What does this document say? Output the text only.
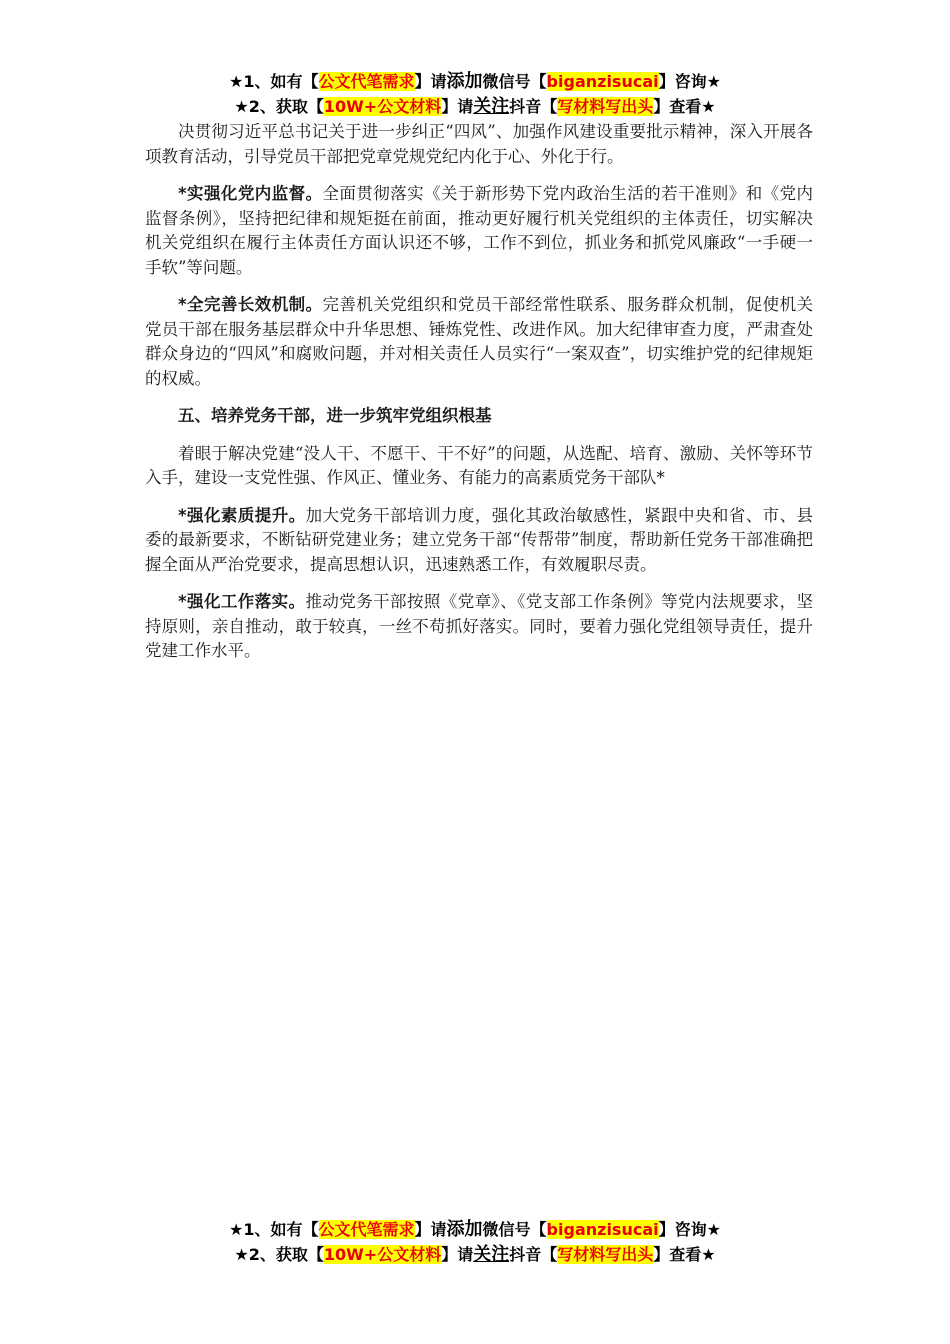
★1、如有【公文代笔需求】请添加微信号【biganzisucai】咨询★
★2、获取【10W+公文材料】请关注抖音【写材料写出头】查看★

决贯彻习近平总书记关于进一步纠正“四风”、加强作风建设重要批示精神，深入开展各项教育活动，引导党员干部把党章党规党纪内化于心、外化于行。

*实强化党内监督。全面贯彻落实《关于新形势下党内政治生活的若干准则》和《党内监督条例》，坚持把纪律和规矩挺在前面，推动更好履行机关党组织的主体责任，切实解决机关党组织在履行主体责任方面认识还不够，工作不到位，抓业务和抓党风廉政“一手硬一手软”等问题。

*全完善长效机制。完善机关党组织和党员干部经常性联系、服务群众机制，促使机关党员干部在服务基层群众中升华思想、锤炼党性、改进作风。加大纪律审查力度，严肃查处群众身边的“四风”和腐败问题，并对相关责任人员实行“一案双查”，切实维护党的纪律规矩的权威。

五、培养党务干部，进一步筑牢党组织根基

着眼于解决党建“没人干、不愿干、干不好”的问题，从选配、培育、激励、关怀等环节入手，建设一支党性强、作风正、懂业务、有能力的高素质党务干部队*

*强化素质提升。加大党务干部培训力度，强化其政治敏感性，紧跟中央和省、市、县委的最新要求，不断钻研党建业务；建立党务干部“传帮带”制度，帮助新任党务干部准确把握全面从严治党要求，提高思想认识，迅速熟悉工作，有效履职尽责。

*强化工作落实。推动党务干部按照《党章》、《党支部工作条例》等党内法规要求，坚持原则，亲自推动，敢于较真，一丝不苟抓好落实。同时，要着力强化党组领导责任，提升党建工作水平。

★1、如有【公文代笔需求】请添加微信号【biganzisucai】咨询★
★2、获取【10W+公文材料】请关注抖音【写材料写出头】查看★
